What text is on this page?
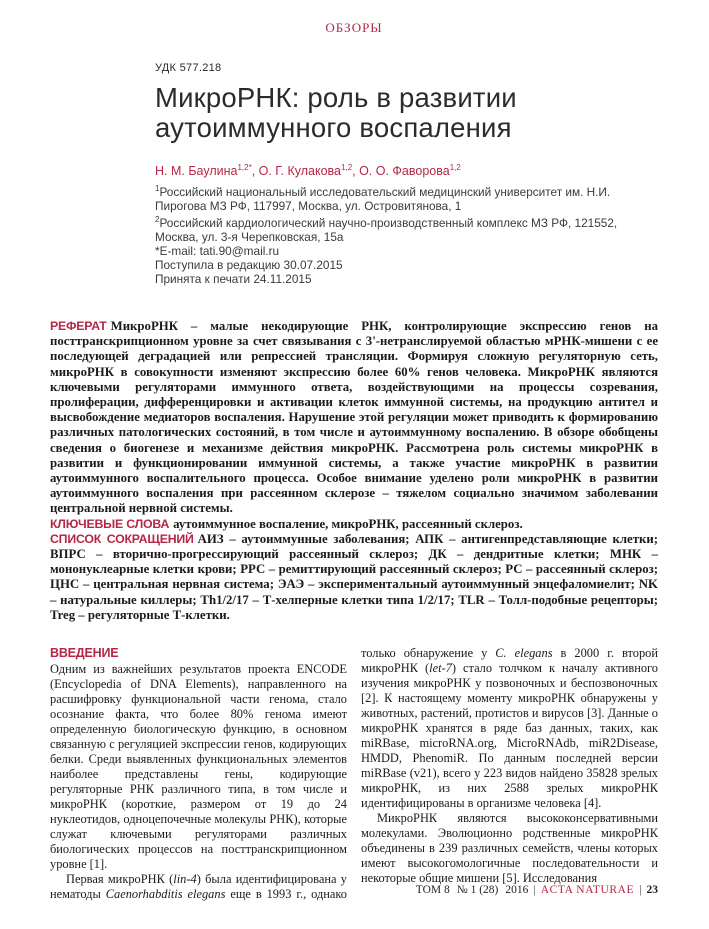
ОБЗОРЫ
УДК 577.218
МикроРНК: роль в развитии аутоиммунного воспаления
Н. М. Баулина$^{1,2*}$, О. Г. Кулакова$^{1,2}$, О. О. Фаворова$^{1,2}$

$^1$Российский национальный исследовательский медицинский университет им. Н.И. Пирогова МЗ РФ, 117997, Москва, ул. Островитянова, 1

$^2$Российский кардиологический научно-производственный комплекс МЗ РФ, 121552, Москва, ул. 3-я Черепковская, 15а

*E-mail: tati.90@mail.ru

Поступила в редакцию 30.07.2015

Принята к печати 24.11.2015

РЕФЕРАТ МикроРНК – малые некодирующие РНК, контролирующие экспрессию генов на посттранскрипционном уровне за счет связывания с 3'-нетранслируемой областью мРНК-мишени с ее последующей деградацией или репрессией трансляции. Формируя сложную регуляторную сеть, микроРНК в совокупности изменяют экспрессию более 60% генов человека. МикроРНК являются ключевыми регуляторами иммунного ответа, воздействующими на процессы созревания, пролиферации, дифференцировки и активации клеток иммунной системы, на продукцию антител и высвобождение медиаторов воспаления. Нарушение этой регуляции может приводить к формированию различных патологических состояний, в том числе и аутоиммунному воспалению. В обзоре обобщены сведения о биогенезе и механизме действия микроРНК. Рассмотрена роль системы микроРНК в развитии и функционировании иммунной системы, а также участие микроРНК в развитии аутоиммунного воспалительного процесса. Особое внимание уделено роли микроРНК в развитии аутоиммунного воспаления при рассеянном склерозе – тяжелом социально значимом заболевании центральной нервной системы.

КЛЮЧЕВЫЕ СЛОВА аутоиммунное воспаление, микроРНК, рассеянный склероз.

СПИСОК СОКРАЩЕНИЙ АИЗ – аутоиммунные заболевания; АПК – антигенпредставляющие клетки; ВПРС – вторично-прогрессирующий рассеянный склероз; ДК – дендритные клетки; МНК – мононуклеарные клетки крови; РРС – ремиттирующий рассеянный склероз; РС – рассеянный склероз; ЦНС – центральная нервная система; ЭАЭ – экспериментальный аутоиммунный энцефаломиелит; NK – натуральные киллеры; Th1/2/17 – Т-хелперные клетки типа 1/2/17; TLR – Толл-подобные рецепторы; Treg – регуляторные Т-клетки.

ВВЕДЕНИЕ

Одним из важнейших результатов проекта ENCODE (Encyclopedia of DNA Elements), направленного на расшифровку функциональной части генома, стало осознание факта, что более 80% генома имеют определенную биологическую функцию, в основном связанную с регуляцией экспрессии генов, кодирующих белки. Среди выявленных функциональных элементов наиболее представлены гены, кодирующие регуляторные РНК различного типа, в том числе и микроРНК (короткие, размером от 19 до 24 нуклеотидов, одноцепочечные молекулы РНК), которые служат ключевыми регуляторами различных биологических процессов на посттранскрипционном уровне [1].

Первая микроРНК (lin-4) была идентифицирована у нематоды Caenorhabditis elegans еще в 1993 г., однако только обнаружение у C. elegans в 2000 г. второй микроРНК (let-7) стало толчком к началу активного изучения микроРНК у позвоночных и беспозвоночных [2]. К настоящему моменту микроРНК обнаружены у животных, растений, протистов и вирусов [3]. Данные о микроРНК хранятся в ряде баз данных, таких, как miRBase, microRNA.org, MicroRNAdb, miR2Disease, HMDD, PhenomiR. По данным последней версии miRBase (v21), всего у 223 видов найдено 35828 зрелых микроРНК, из них 2588 зрелых микроРНК идентифицированы в организме человека [4].

МикроРНК являются высококонсервативными молекулами. Эволюционно родственные микроРНК объединены в 239 различных семейств, члены которых имеют высокогомологичные последовательности и некоторые общие мишени [5]. Исследования

ТОМ 8 № 1 (28) 2016 | ACTA NATURAE | 23
